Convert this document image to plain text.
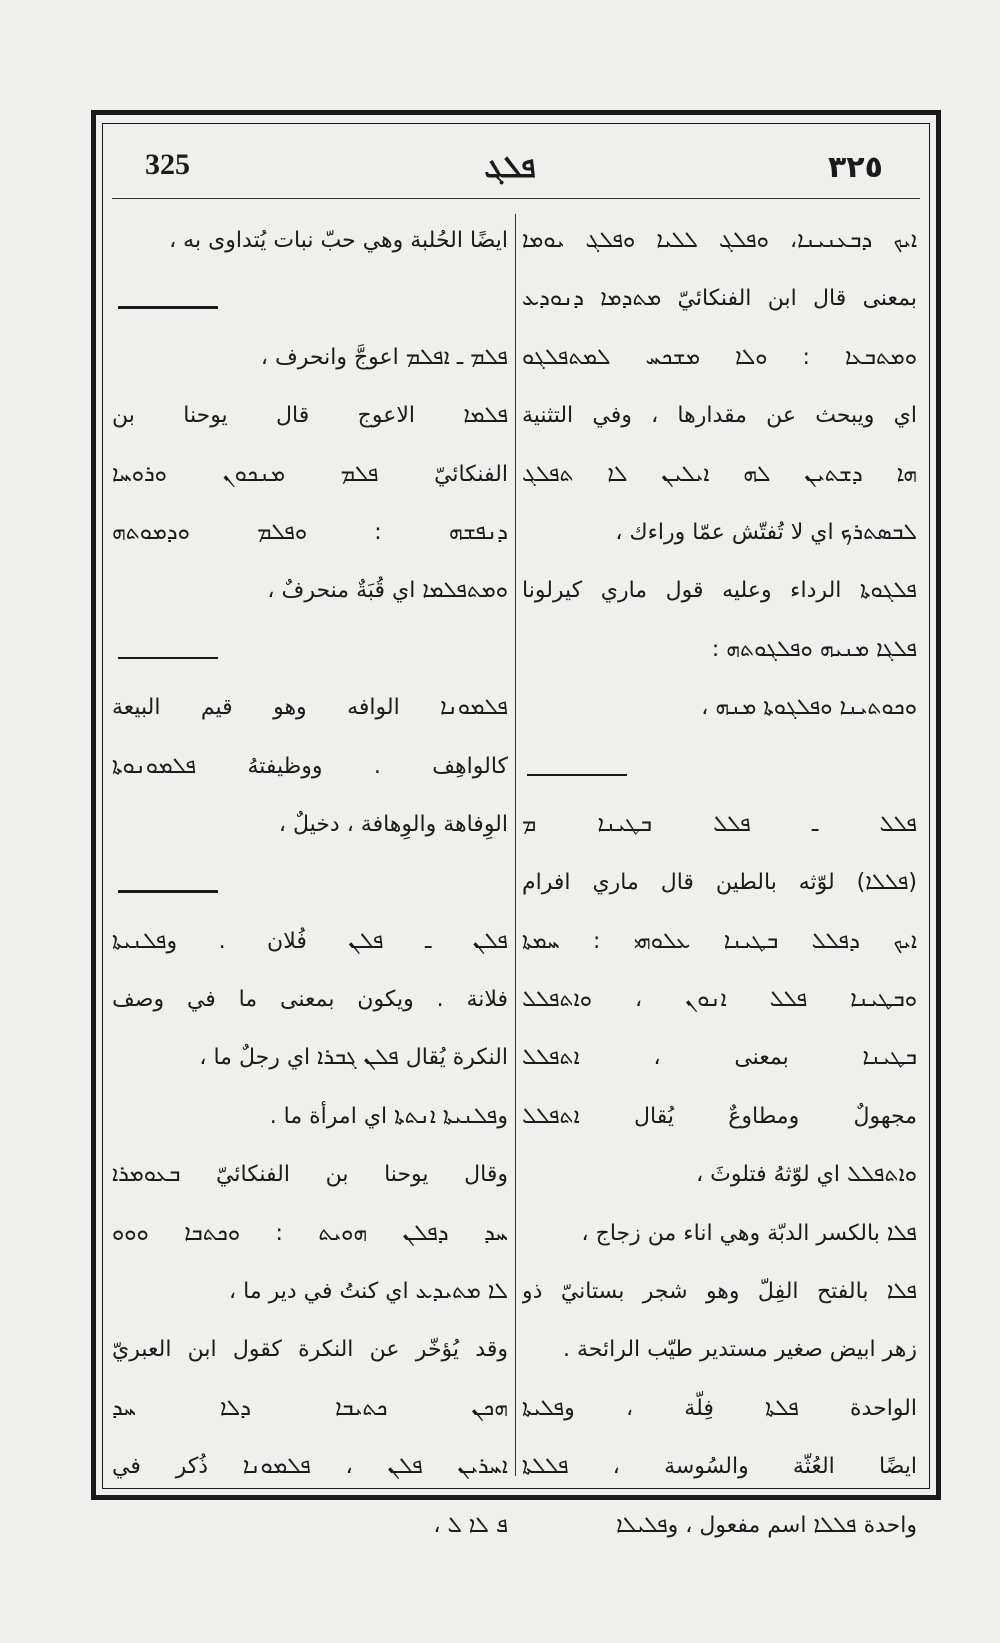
325	ܦܠܓ	٣٢٥
ܐܝܟ ܕܒܥܢܝܢܐ، ܘܦܠܓ ܠܠܝܐ ܘܦܠܓ ܝܘܡܐ
بمعنى قال ابن الفنكائيّ ܡܬܕܡܐ ܕܢܘܕܥ
ܘܡܬܒܥܐ : ܘܠܐ ܡܫܟܚ ܠܡܬܦܠܓܘ
اي ويبحث عن مقدارها ، وفي التثنية
ܗܐ ܕܫܬܝܢ ܠܗ ܐܝܠܝܢ ܠܐ ܬܦܠܓ
ܠܒܣܬܪܟ اي لا تُفتّش عمّا وراءك ،
ܦܠܓܘܬܐ الرداء وعليه قول ماري كيرلونا
ܦܠܓܐ ܡܢܝܗ ܘܦܠܓܘܬܗ :
ܘܟܘܬܝܢܐ ܘܦܠܓܘܬܐ ܡܢܗ ،
ܦܠܠ ـ ܦܠܠ ܒܛܝܢܐ ܡ
(ܦܠܠܐ) لوّثه بالطين قال ماري افرام
ܐܝܟ ܕܦܠܠ ܒܛܝܢܐ ܥܠܘܗܝ : ܚܡܬܐ
ܘܒܛܝܢܐ ܦܠܠ ܐܢܘܢ ، ܘܐܬܦܠܠ
ܒܛܝܢܐ بمعنى ، ܐܬܦܠܠ
مجهولٌ ومطاوعٌ يُقال ܐܬܦܠܠ
ܘܐܬܦܠܠ اي لوّثهُ فتلوثَ ،
ܦܠܐ بالكسر الدبّة وهي اناء من زجاج ،
ܦܠܐ بالفتح الفِلّ وهو شجر بستانيّ ذو
زهر ابيض صغير مستدير طيّب الرائحة .
الواحدة ܦܠܬܐ فِلّة ، وܦܠܝܬܐ
ايضًا العُثّة والسُوسة ، ܦܠܠܬܐ
واحدة ܦܠܠܐ اسم مفعول ، وܦܠܝܠܐ
ايضًا الحُلبة وهي حبّ نبات يُتداوى به ،
ܦܠܡ ـ ܐܦܠܡ اعوجَّ وانحرف ،
ܦܠܡܐ الاعوج قال يوحنا بن
الفنكائيّ ܦܠܡ ܡܢܟܘܢ ܘܪܘܚܐ
ܕܢܦܫܗ : ܘܦܠܡ ܘܕܡܘܬܗ
ܘܡܬܦܠܡܐ اي قُبَةٌ منحرفٌ ،
ܦܠܡܘܢܐ الوافه وهو قيم البيعة
كالواهِف . ووظيفتهُ ܦܠܡܘܢܘܬܐ
الوِفاهة والوِهافة ، دخيلٌ ،
ܦܠܢ ـ ܦܠܢ فُلان . وܦܠܢܝܬܐ
فلانة . ويكون بمعنى ما في وصف
النكرة يُقال ܦܠܢ ܓܒܪܐ اي رجلٌ ما ،
وܦܠܢܝܬܐ ܐܢܬܬܐ اي امرأة ما .
وقال يوحنا بن الفنكائيّ ܒܥܘܡܪܐ
ܚܕ ܕܦܠܢ ܗܘܝܬ : ܘܟܬܒܐ ܘܘܘ
ܠܐ ܡܬܝܕܥ اي كنتُ في دير ما ،
وقد يُؤخّر عن النكرة كقول ابن العبريّ
ܗܟܢ ܟܬܝܒܐ ܕܠܐ ܚܕ
ܐܚܪܝܢ ܦܠܢ ، ܦܠܡܘܢܐ ذُكر في
ܦ ܠܐ ܠ ،
